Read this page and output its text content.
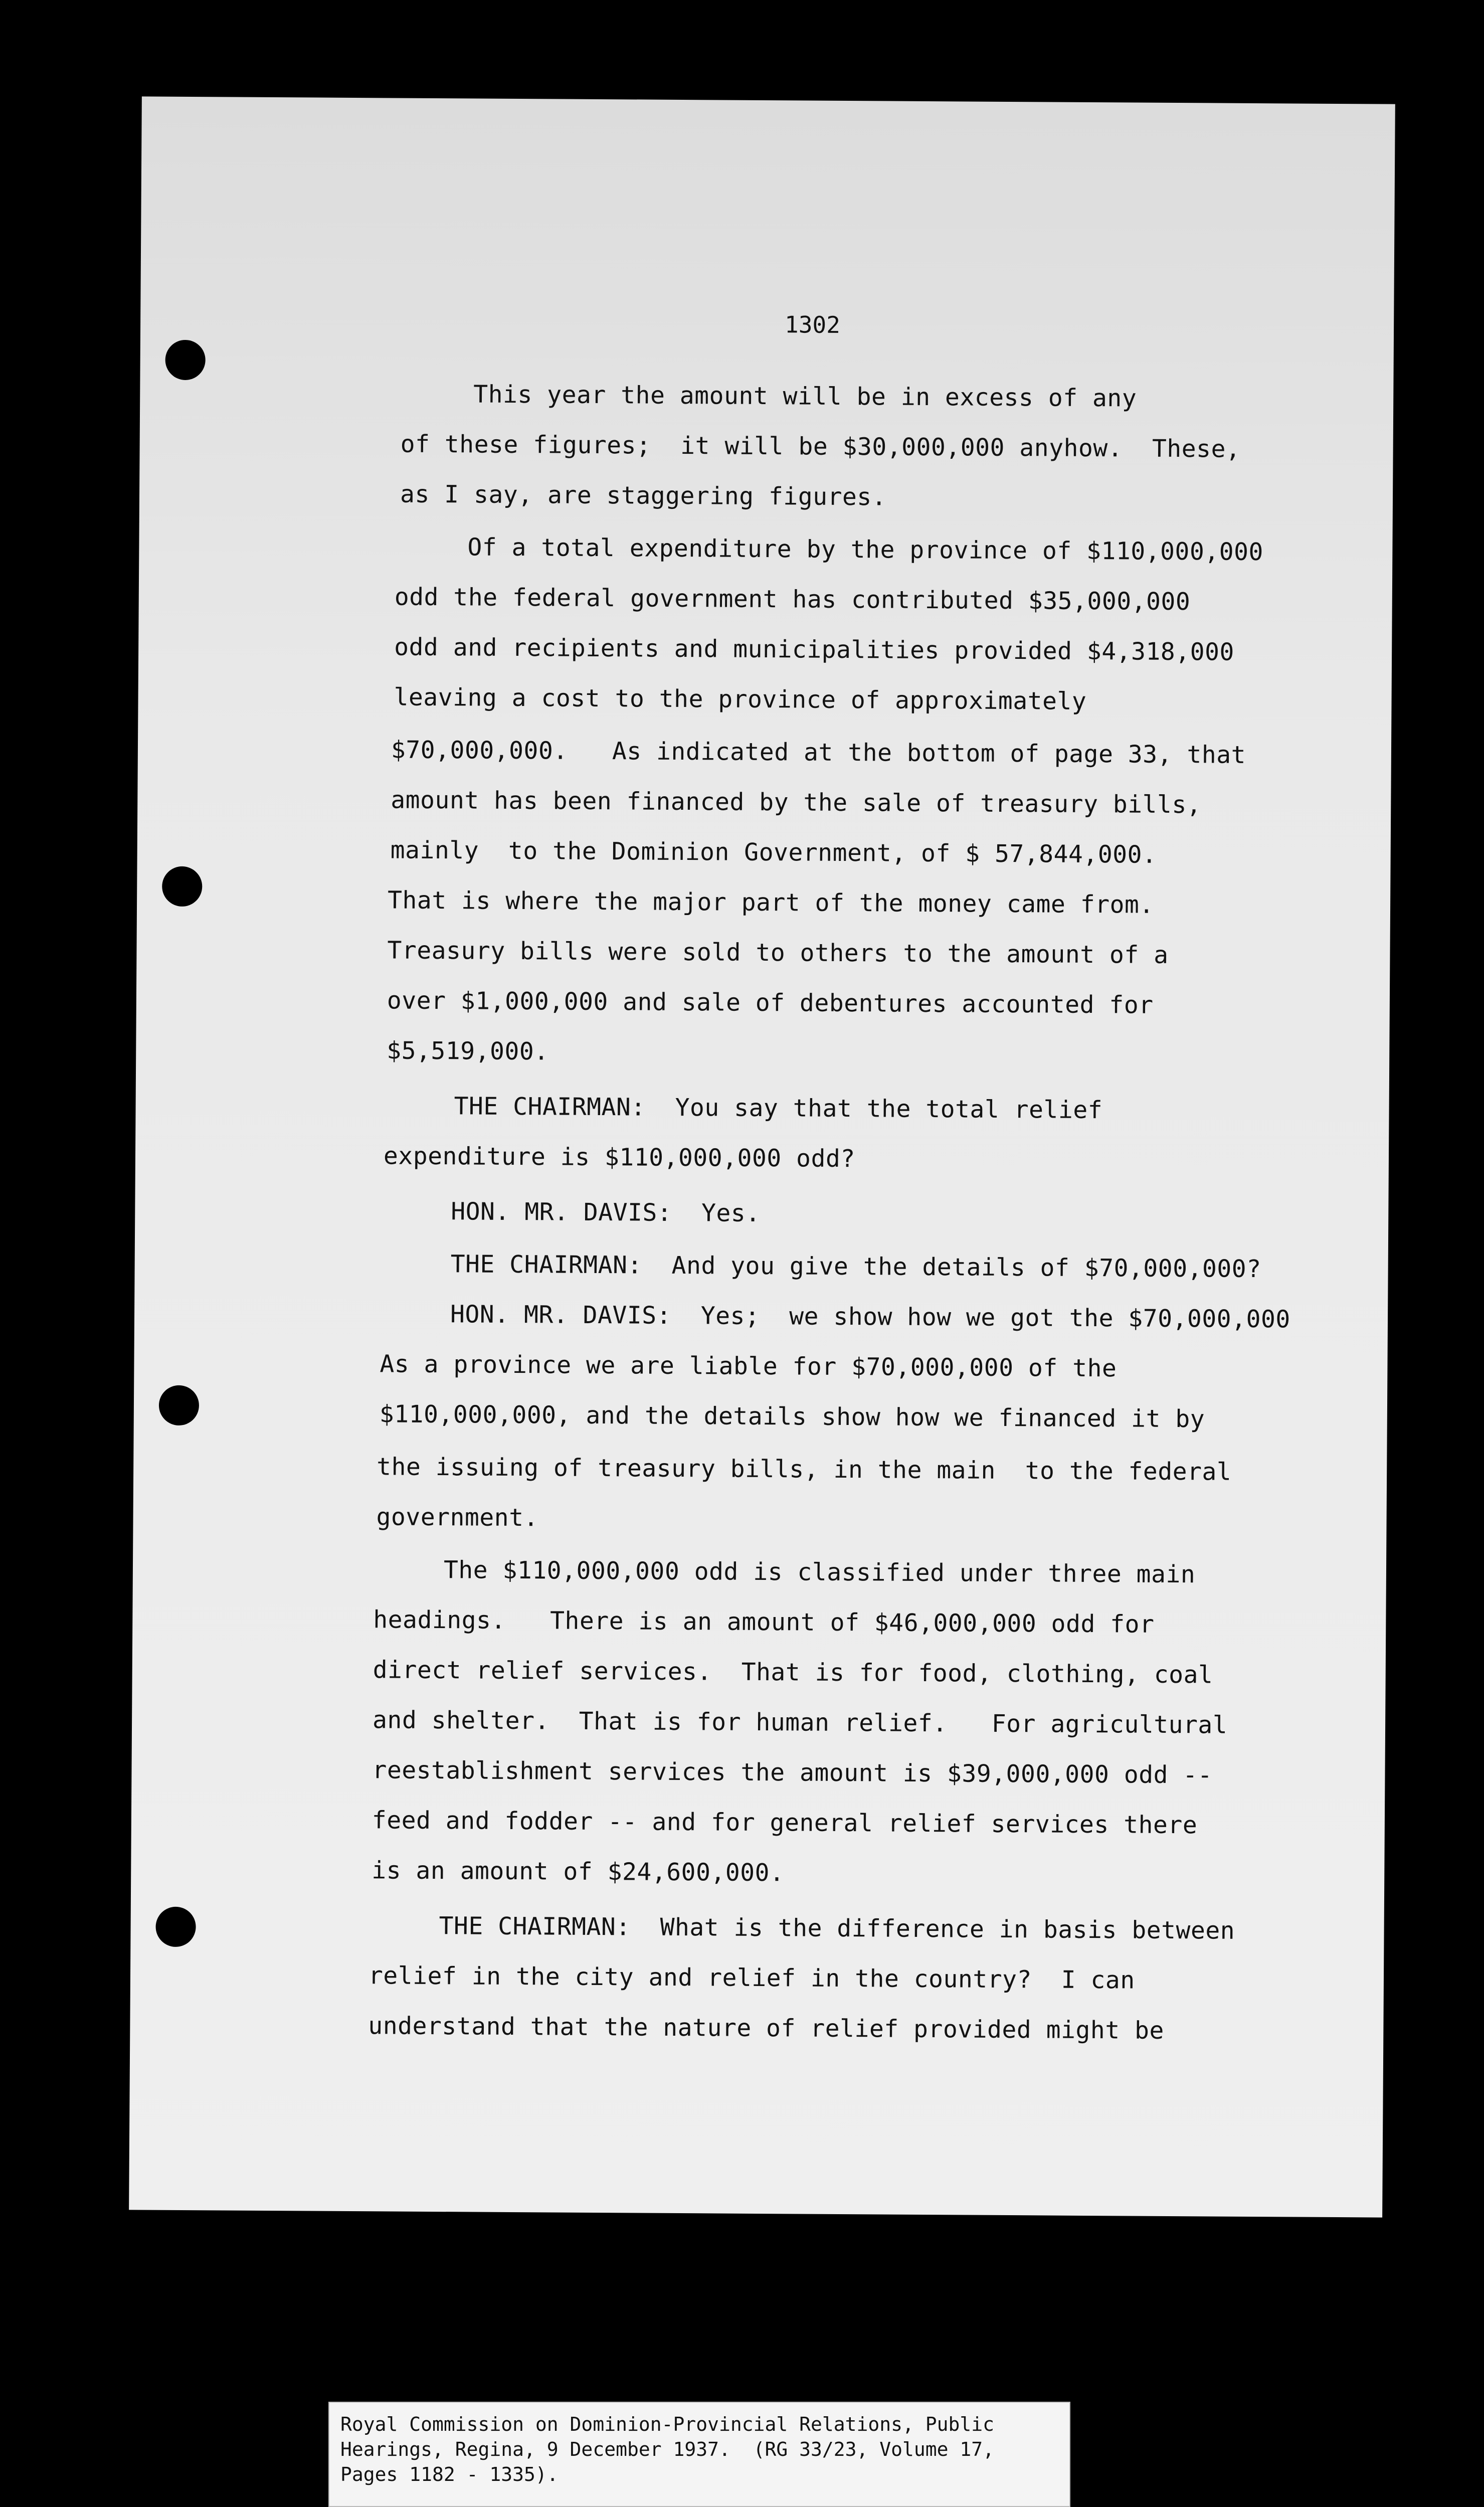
1302
This year the amount will be in excess of any
of these figures;  it will be $30,000,000 anyhow.  These,
as I say, are staggering figures.
Of a total expenditure by the province of $110,000,000
odd the federal government has contributed $35,000,000
odd and recipients and municipalities provided $4,318,000
leaving a cost to the province of approximately
$70,000,000.   As indicated at the bottom of page 33, that
amount has been financed by the sale of treasury bills,
mainly  to the Dominion Government, of $ 57,844,000.
That is where the major part of the money came from.
Treasury bills were sold to others to the amount of a
over $1,000,000 and sale of debentures accounted for
$5,519,000.
THE CHAIRMAN:  You say that the total relief
expenditure is $110,000,000 odd?
HON. MR. DAVIS:  Yes.
THE CHAIRMAN:  And you give the details of $70,000,000?
HON. MR. DAVIS:  Yes;  we show how we got the $70,000,000
As a province we are liable for $70,000,000 of the
$110,000,000, and the details show how we financed it by
the issuing of treasury bills, in the main  to the federal
government.
The $110,000,000 odd is classified under three main
headings.   There is an amount of $46,000,000 odd for
direct relief services.  That is for food, clothing, coal
and shelter.  That is for human relief.   For agricultural
reestablishment services the amount is $39,000,000 odd --
feed and fodder -- and for general relief services there
is an amount of $24,600,000.
THE CHAIRMAN:  What is the difference in basis between
relief in the city and relief in the country?  I can
understand that the nature of relief provided might be
Royal Commission on Dominion-Provincial Relations, Public
Hearings, Regina, 9 December 1937.  (RG 33/23, Volume 17,
Pages 1182 - 1335).
